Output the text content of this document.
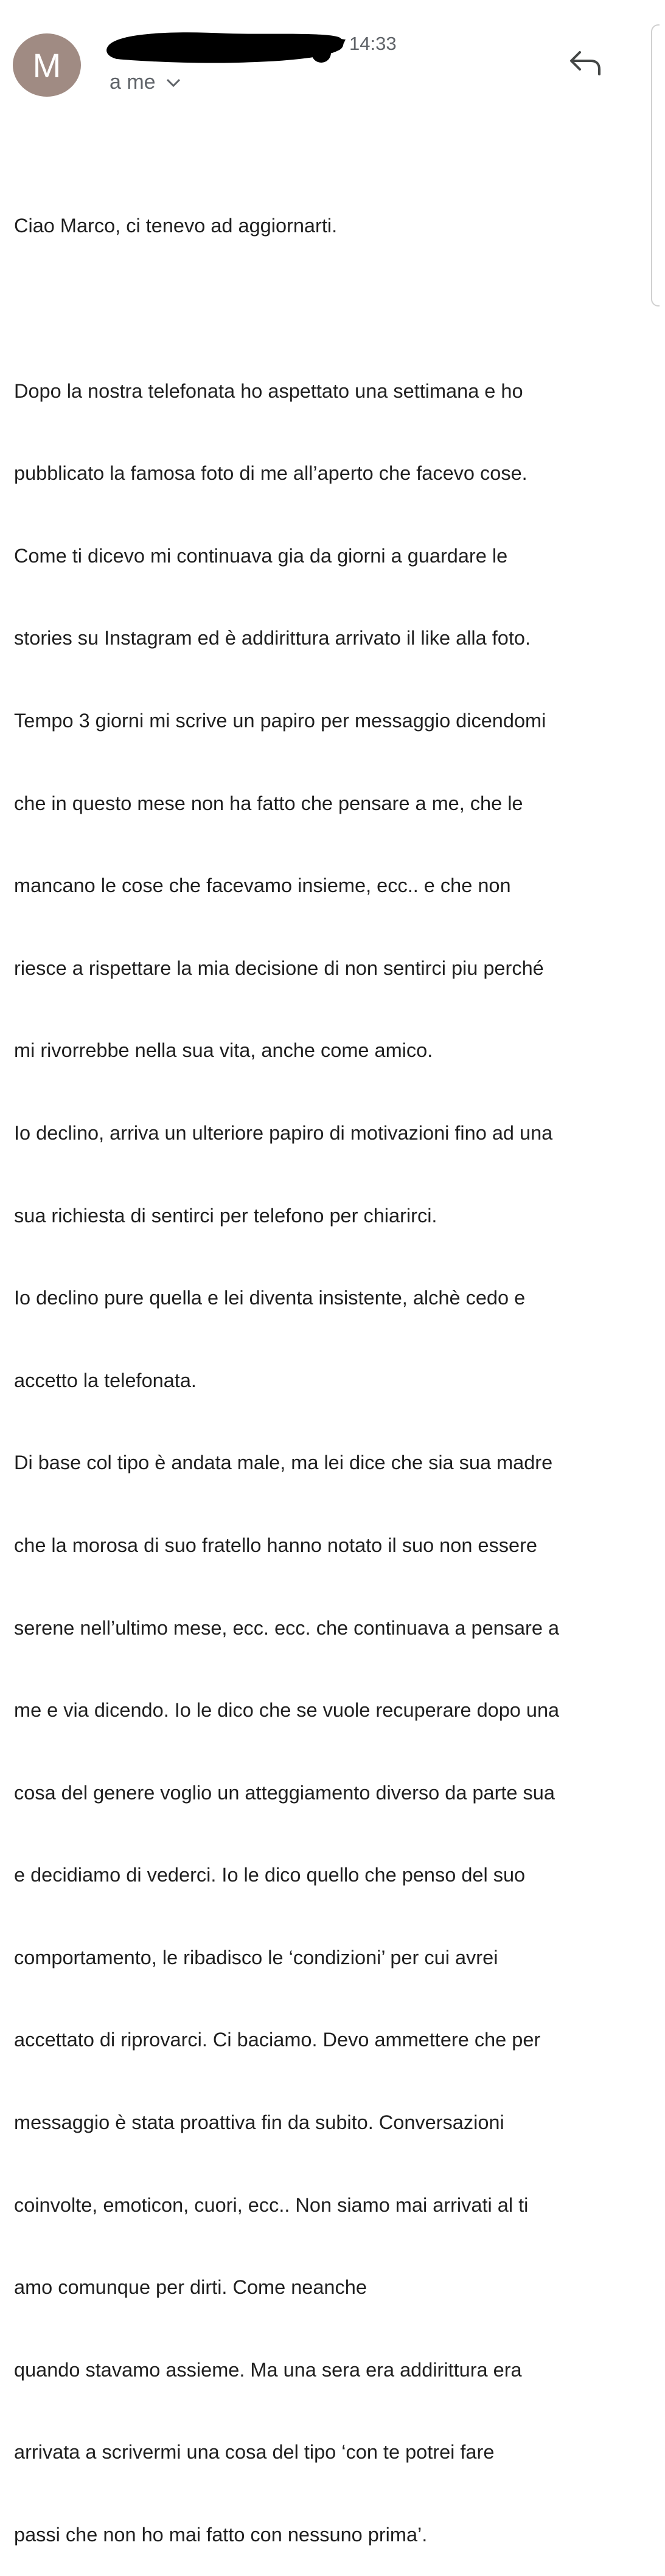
M
14:33
a me

Ciao Marco, ci tenevo ad aggiornarti.

Dopo la nostra telefonata ho aspettato una settimana e ho

pubblicato la famosa foto di me all’aperto che facevo cose.

Come ti dicevo mi continuava gia da giorni a guardare le

stories su Instagram ed è addirittura arrivato il like alla foto.

Tempo 3 giorni mi scrive un papiro per messaggio dicendomi

che in questo mese non ha fatto che pensare a me, che le

mancano le cose che facevamo insieme, ecc.. e che non

riesce a rispettare la mia decisione di non sentirci piu perché

mi rivorrebbe nella sua vita, anche come amico.

Io declino, arriva un ulteriore papiro di motivazioni fino ad una

sua richiesta di sentirci per telefono per chiarirci.

Io declino pure quella e lei diventa insistente, alchè cedo e

accetto la telefonata.

Di base col tipo è andata male, ma lei dice che sia sua madre

che la morosa di suo fratello hanno notato il suo non essere

serene nell’ultimo mese, ecc. ecc. che continuava a pensare a

me e via dicendo. Io le dico che se vuole recuperare dopo una

cosa del genere voglio un atteggiamento diverso da parte sua

e decidiamo di vederci. Io le dico quello che penso del suo

comportamento, le ribadisco le ‘condizioni’ per cui avrei

accettato di riprovarci. Ci baciamo. Devo ammettere che per

messaggio è stata proattiva fin da subito. Conversazioni

coinvolte, emoticon, cuori, ecc.. Non siamo mai arrivati al ti

amo comunque per dirti. Come neanche

quando stavamo assieme. Ma una sera era addirittura era

arrivata a scrivermi una cosa del tipo ‘con te potrei fare

passi che non ho mai fatto con nessuno prima’.
